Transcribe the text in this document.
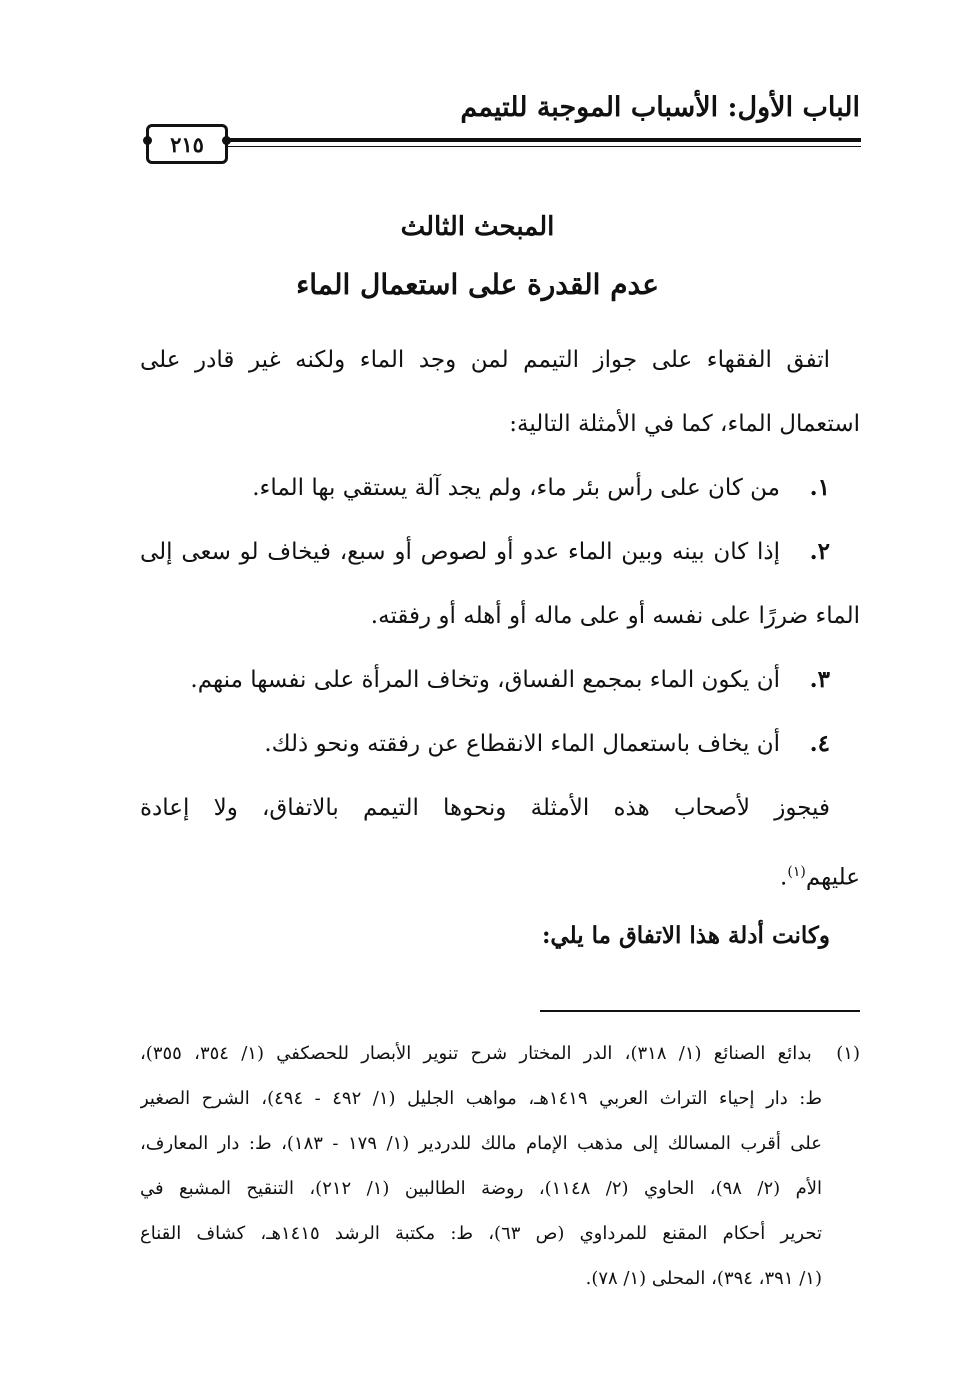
الباب الأول: الأسباب الموجبة للتيمم
٢١٥
المبحث الثالث
عدم القدرة على استعمال الماء
اتفق الفقهاء على جواز التيمم لمن وجد الماء ولكنه غير قادر على
استعمال الماء، كما في الأمثلة التالية:
١.من كان على رأس بئر ماء، ولم يجد آلة يستقي بها الماء.
٢.إذا كان بينه وبين الماء عدو أو لصوص أو سبع، فيخاف لو سعى إلى
الماء ضررًا على نفسه أو على ماله أو أهله أو رفقته.
٣.أن يكون الماء بمجمع الفساق، وتخاف المرأة على نفسها منهم.
٤.أن يخاف باستعمال الماء الانقطاع عن رفقته ونحو ذلك.
فيجوز لأصحاب هذه الأمثلة ونحوها التيمم بالاتفاق، ولا إعادة
عليهم$^{(١)}$.
وكانت أدلة هذا الاتفاق ما يلي:
(١)  بدائع الصنائع (١/ ٣١٨)، الدر المختار شرح تنوير الأبصار للحصكفي (١/ ٣٥٤، ٣٥٥)،
ط: دار إحياء التراث العربي ١٤١٩هـ، مواهب الجليل (١/ ٤٩٢ - ٤٩٤)، الشرح الصغير
على أقرب المسالك إلى مذهب الإمام مالك للدردير (١/ ١٧٩ - ١٨٣)، ط: دار المعارف،
الأم (٢/ ٩٨)، الحاوي (٢/ ١١٤٨)، روضة الطالبين (١/ ٢١٢)، التنقيح المشبع في
تحرير أحكام المقنع للمرداوي (ص ٦٣)، ط: مكتبة الرشد ١٤١٥هـ، كشاف القناع
(١/ ٣٩١، ٣٩٤)، المحلى (١/ ٧٨).
